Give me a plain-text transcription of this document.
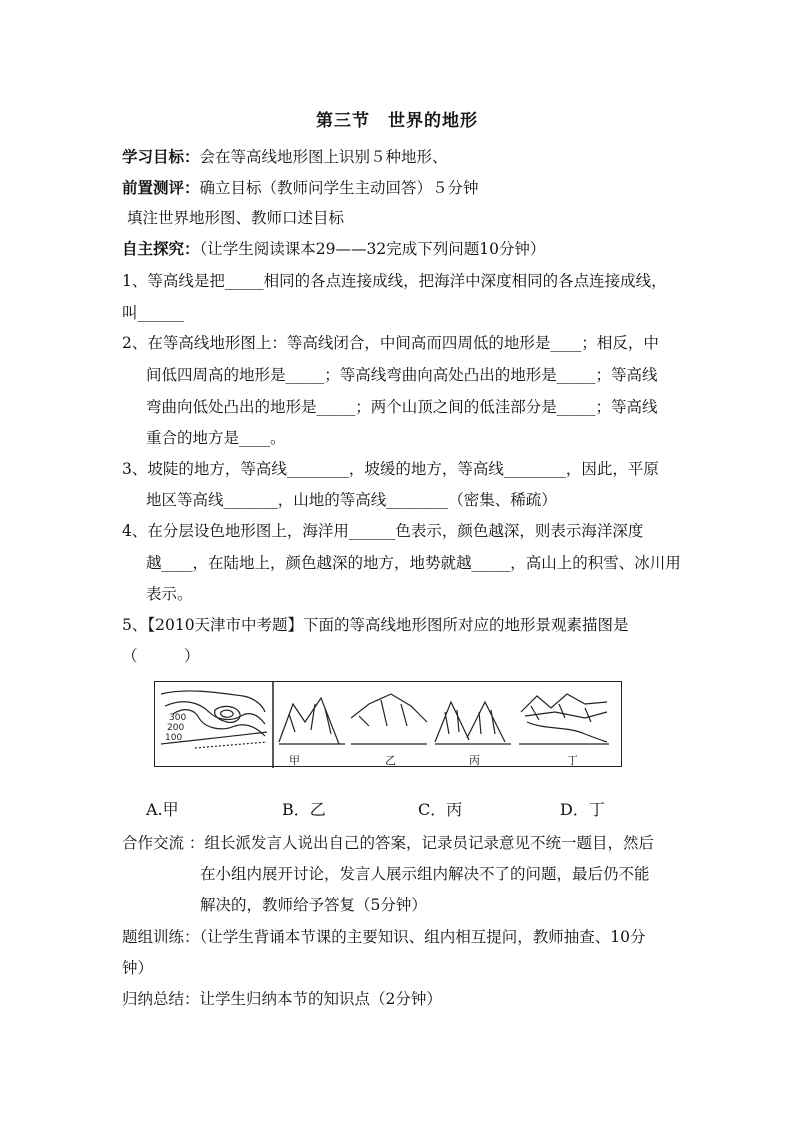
第三节　世界的地形
学习目标：会在等高线地形图上识别５种地形、
前置测评：确立目标（教师问学生主动回答）５分钟
填注世界地形图、教师口述目标
自主探究：（让学生阅读课本29——32完成下列问题10分钟）
1、等高线是把_____相同的各点连接成线，把海洋中深度相同的各点连接成线，
叫______
2、在等高线地形图上：等高线闭合，中间高而四周低的地形是____；相反，中
间低四周高的地形是_____；等高线弯曲向高处凸出的地形是_____；等高线
弯曲向低处凸出的地形是_____；两个山顶之间的低洼部分是_____；等高线
重合的地方是____。
3、坡陡的地方，等高线________，坡缓的地方，等高线________，因此，平原
地区等高线_______，山地的等高线________（密集、稀疏）
4、在分层设色地形图上，海洋用______色表示，颜色越深，则表示海洋深度
越____，在陆地上，颜色越深的地方，地势就越_____，高山上的积雪、冰川用
表示。
5、【2010天津市中考题】下面的等高线地形图所对应的地形景观素描图是
（　　　）
300
200
100
甲	乙	丙	丁
A.甲	B．乙	C．丙	D．丁
合作交流 ：组长派发言人说出自己的答案，记录员记录意见不统一题目，然后
在小组内展开讨论，发言人展示组内解决不了的问题，最后仍不能
解决的，教师给予答复（5分钟）
题组训练：（让学生背诵本节课的主要知识、组内相互提问，教师抽查、10分
钟）
归纳总结：让学生归纳本节的知识点（2分钟）
